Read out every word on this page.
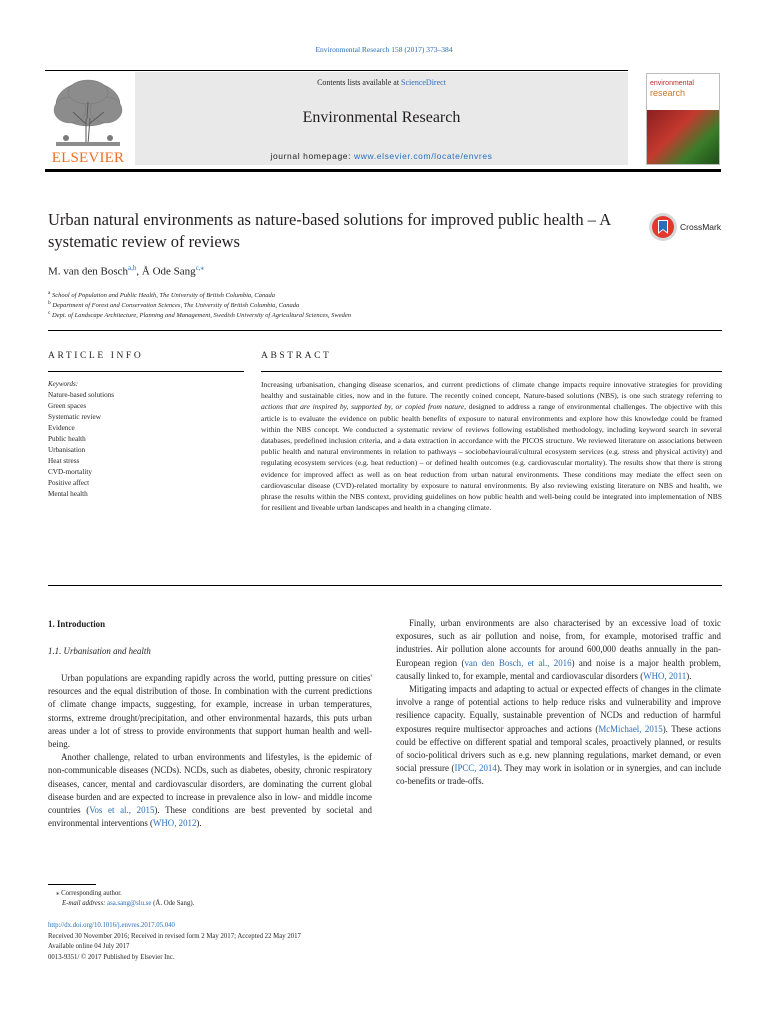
Environmental Research 158 (2017) 373–384
ELSEVIER
Contents lists available at ScienceDirect
Environmental Research
journal homepage: www.elsevier.com/locate/envres
environmental
research
Urban natural environments as nature-based solutions for improved public health – A systematic review of reviews
CrossMark
M. van den Bosch$^{a,b}$, Å Ode Sang$^{c,⁎}$
$^a$ School of Population and Public Health, The University of British Columbia, Canada
$^b$ Department of Forest and Conservation Sciences, The University of British Columbia, Canada
$^c$ Dept. of Landscape Architecture, Planning and Management, Swedish University of Agricultural Sciences, Sweden
ARTICLE INFO	ABSTRACT
Keywords:
Nature-based solutions
Green spaces
Systematic review
Evidence
Public health
Urbanisation
Heat stress
CVD-mortality
Positive affect
Mental health
Increasing urbanisation, changing disease scenarios, and current predictions of climate change impacts require innovative strategies for providing healthy and sustainable cities, now and in the future. The recently coined concept, Nature-based solutions (NBS), is one such strategy referring to actions that are inspired by, supported by, or copied from nature, designed to address a range of environmental challenges. The objective with this article is to evaluate the evidence on public health benefits of exposure to natural environments and explore how this knowledge could be framed within the NBS concept. We conducted a systematic review of reviews following established methodology, including keyword search in several databases, predefined inclusion criteria, and a data extraction in accordance with the PICOS structure. We reviewed literature on associations between public health and natural environments in relation to pathways – sociobehavioural/cultural ecosystem services (e.g. stress and physical activity) and regulating ecosystem services (e.g. heat reduction) – or defined health outcomes (e.g. cardiovascular mortality). The results show that there is strong evidence for improved affect as well as on heat reduction from urban natural environments. These conditions may mediate the effect seen on cardiovascular disease (CVD)-related mortality by exposure to natural environments. By also reviewing existing literature on NBS and health, we phrase the results within the NBS context, providing guidelines on how public health and well-being could be integrated into implementation of NBS for resilient and liveable urban landscapes and health in a changing climate.
1. Introduction
1.1. Urbanisation and health

Urban populations are expanding rapidly across the world, putting pressure on cities' resources and the equal distribution of those. In combination with the current predictions of climate change impacts, suggesting, for example, increase in urban temperatures, storms, extreme drought/precipitation, and other environmental hazards, this puts urban areas under a lot of stress to provide environments that support human health and well-being.

Another challenge, related to urban environments and lifestyles, is the epidemic of non-communicable diseases (NCDs). NCDs, such as diabetes, obesity, chronic respiratory diseases, cancer, mental and cardiovascular disorders, are dominating the current global disease burden and are expected to increase in prevalence also in low- and middle income countries (Vos et al., 2015). These conditions are best prevented by societal and environmental interventions (WHO, 2012).

Finally, urban environments are also characterised by an excessive load of toxic exposures, such as air pollution and noise, from, for example, motorised traffic and industries. Air pollution alone accounts for around 600,000 deaths annually in the pan-European region (van den Bosch, et al., 2016) and noise is a major health problem, causally linked to, for example, mental and cardiovascular disorders (WHO, 2011).

Mitigating impacts and adapting to actual or expected effects of changes in the climate involve a range of potential actions to help reduce risks and vulnerability and improve resilience capacity. Equally, sustainable prevention of NCDs and reduction of harmful exposures require multisector approaches and actions (McMichael, 2015). These actions could be effective on different spatial and temporal scales, proactively planned, or results of socio-political drivers such as e.g. new planning regulations, market demand, or even social pressure (IPCC, 2014). They may work in isolation or in synergies, and can include co-benefits or trade-offs.

⁎ Corresponding author.
E-mail address: asa.sang@slu.se (Å. Ode Sang).
http://dx.doi.org/10.1016/j.envres.2017.05.040
Received 30 November 2016; Received in revised form 2 May 2017; Accepted 22 May 2017
Available online 04 July 2017
0013-9351/ © 2017 Published by Elsevier Inc.
